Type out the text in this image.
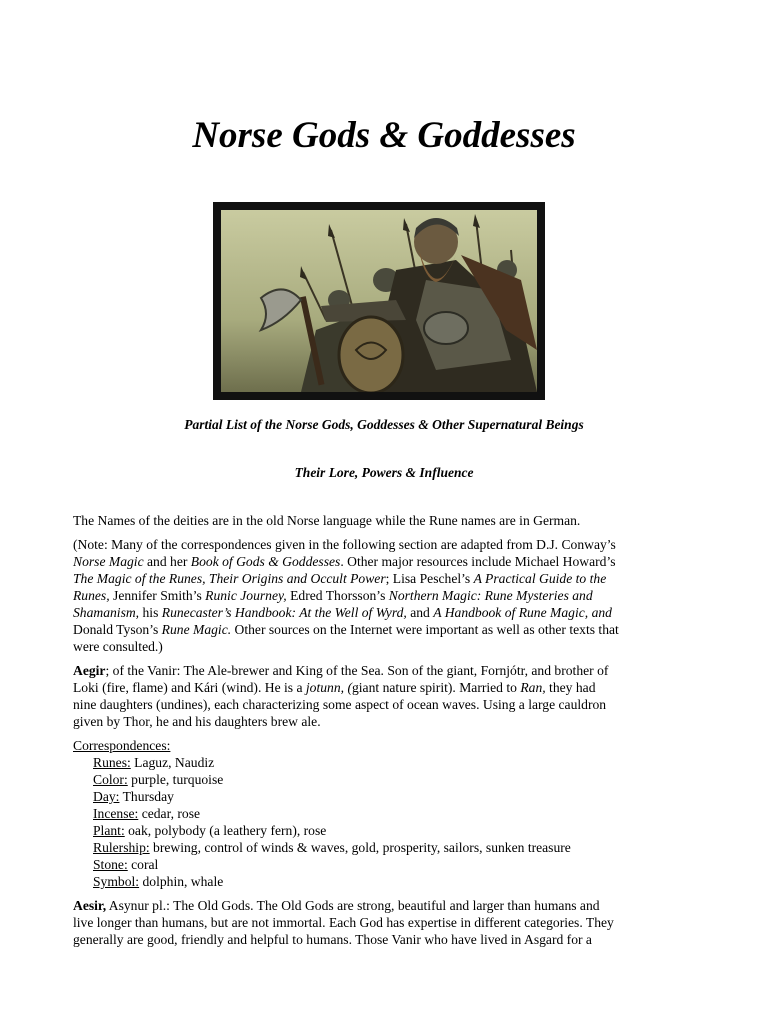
Norse Gods & Goddesses
Partial List of the Norse Gods, Goddesses & Other Supernatural Beings
Their Lore, Powers & Influence

The Names of the deities are in the old Norse language while the Rune names are in German.

(Note: Many of the correspondences given in the following section are adapted from D.J. Conway’s
Norse Magic and her Book of Gods & Goddesses. Other major resources include Michael Howard’s
The Magic of the Runes, Their Origins and Occult Power; Lisa Peschel’s A Practical Guide to the
Runes, Jennifer Smith’s Runic Journey, Edred Thorsson’s Northern Magic: Rune Mysteries and
Shamanism, his Runecaster’s Handbook: At the Well of Wyrd, and A Handbook of Rune Magic, and
Donald Tyson’s Rune Magic. Other sources on the Internet were important as well as other texts that
were consulted.)

Aegir; of the Vanir: The Ale-brewer and King of the Sea. Son of the giant, Fornjótr, and brother of
Loki (fire, flame) and Kári (wind). He is a jotunn, (giant nature spirit). Married to Ran, they had
nine daughters (undines), each characterizing some aspect of ocean waves. Using a large cauldron
given by Thor, he and his daughters brew ale.

Correspondences:
Runes: Laguz, Naudiz
Color: purple, turquoise
Day: Thursday
Incense: cedar, rose
Plant: oak, polybody (a leathery fern), rose
Rulership: brewing, control of winds & waves, gold, prosperity, sailors, sunken treasure
Stone: coral
Symbol: dolphin, whale

Aesir, Asynur pl.: The Old Gods. The Old Gods are strong, beautiful and larger than humans and
live longer than humans, but are not immortal. Each God has expertise in different categories. They
generally are good, friendly and helpful to humans. Those Vanir who have lived in Asgard for a
